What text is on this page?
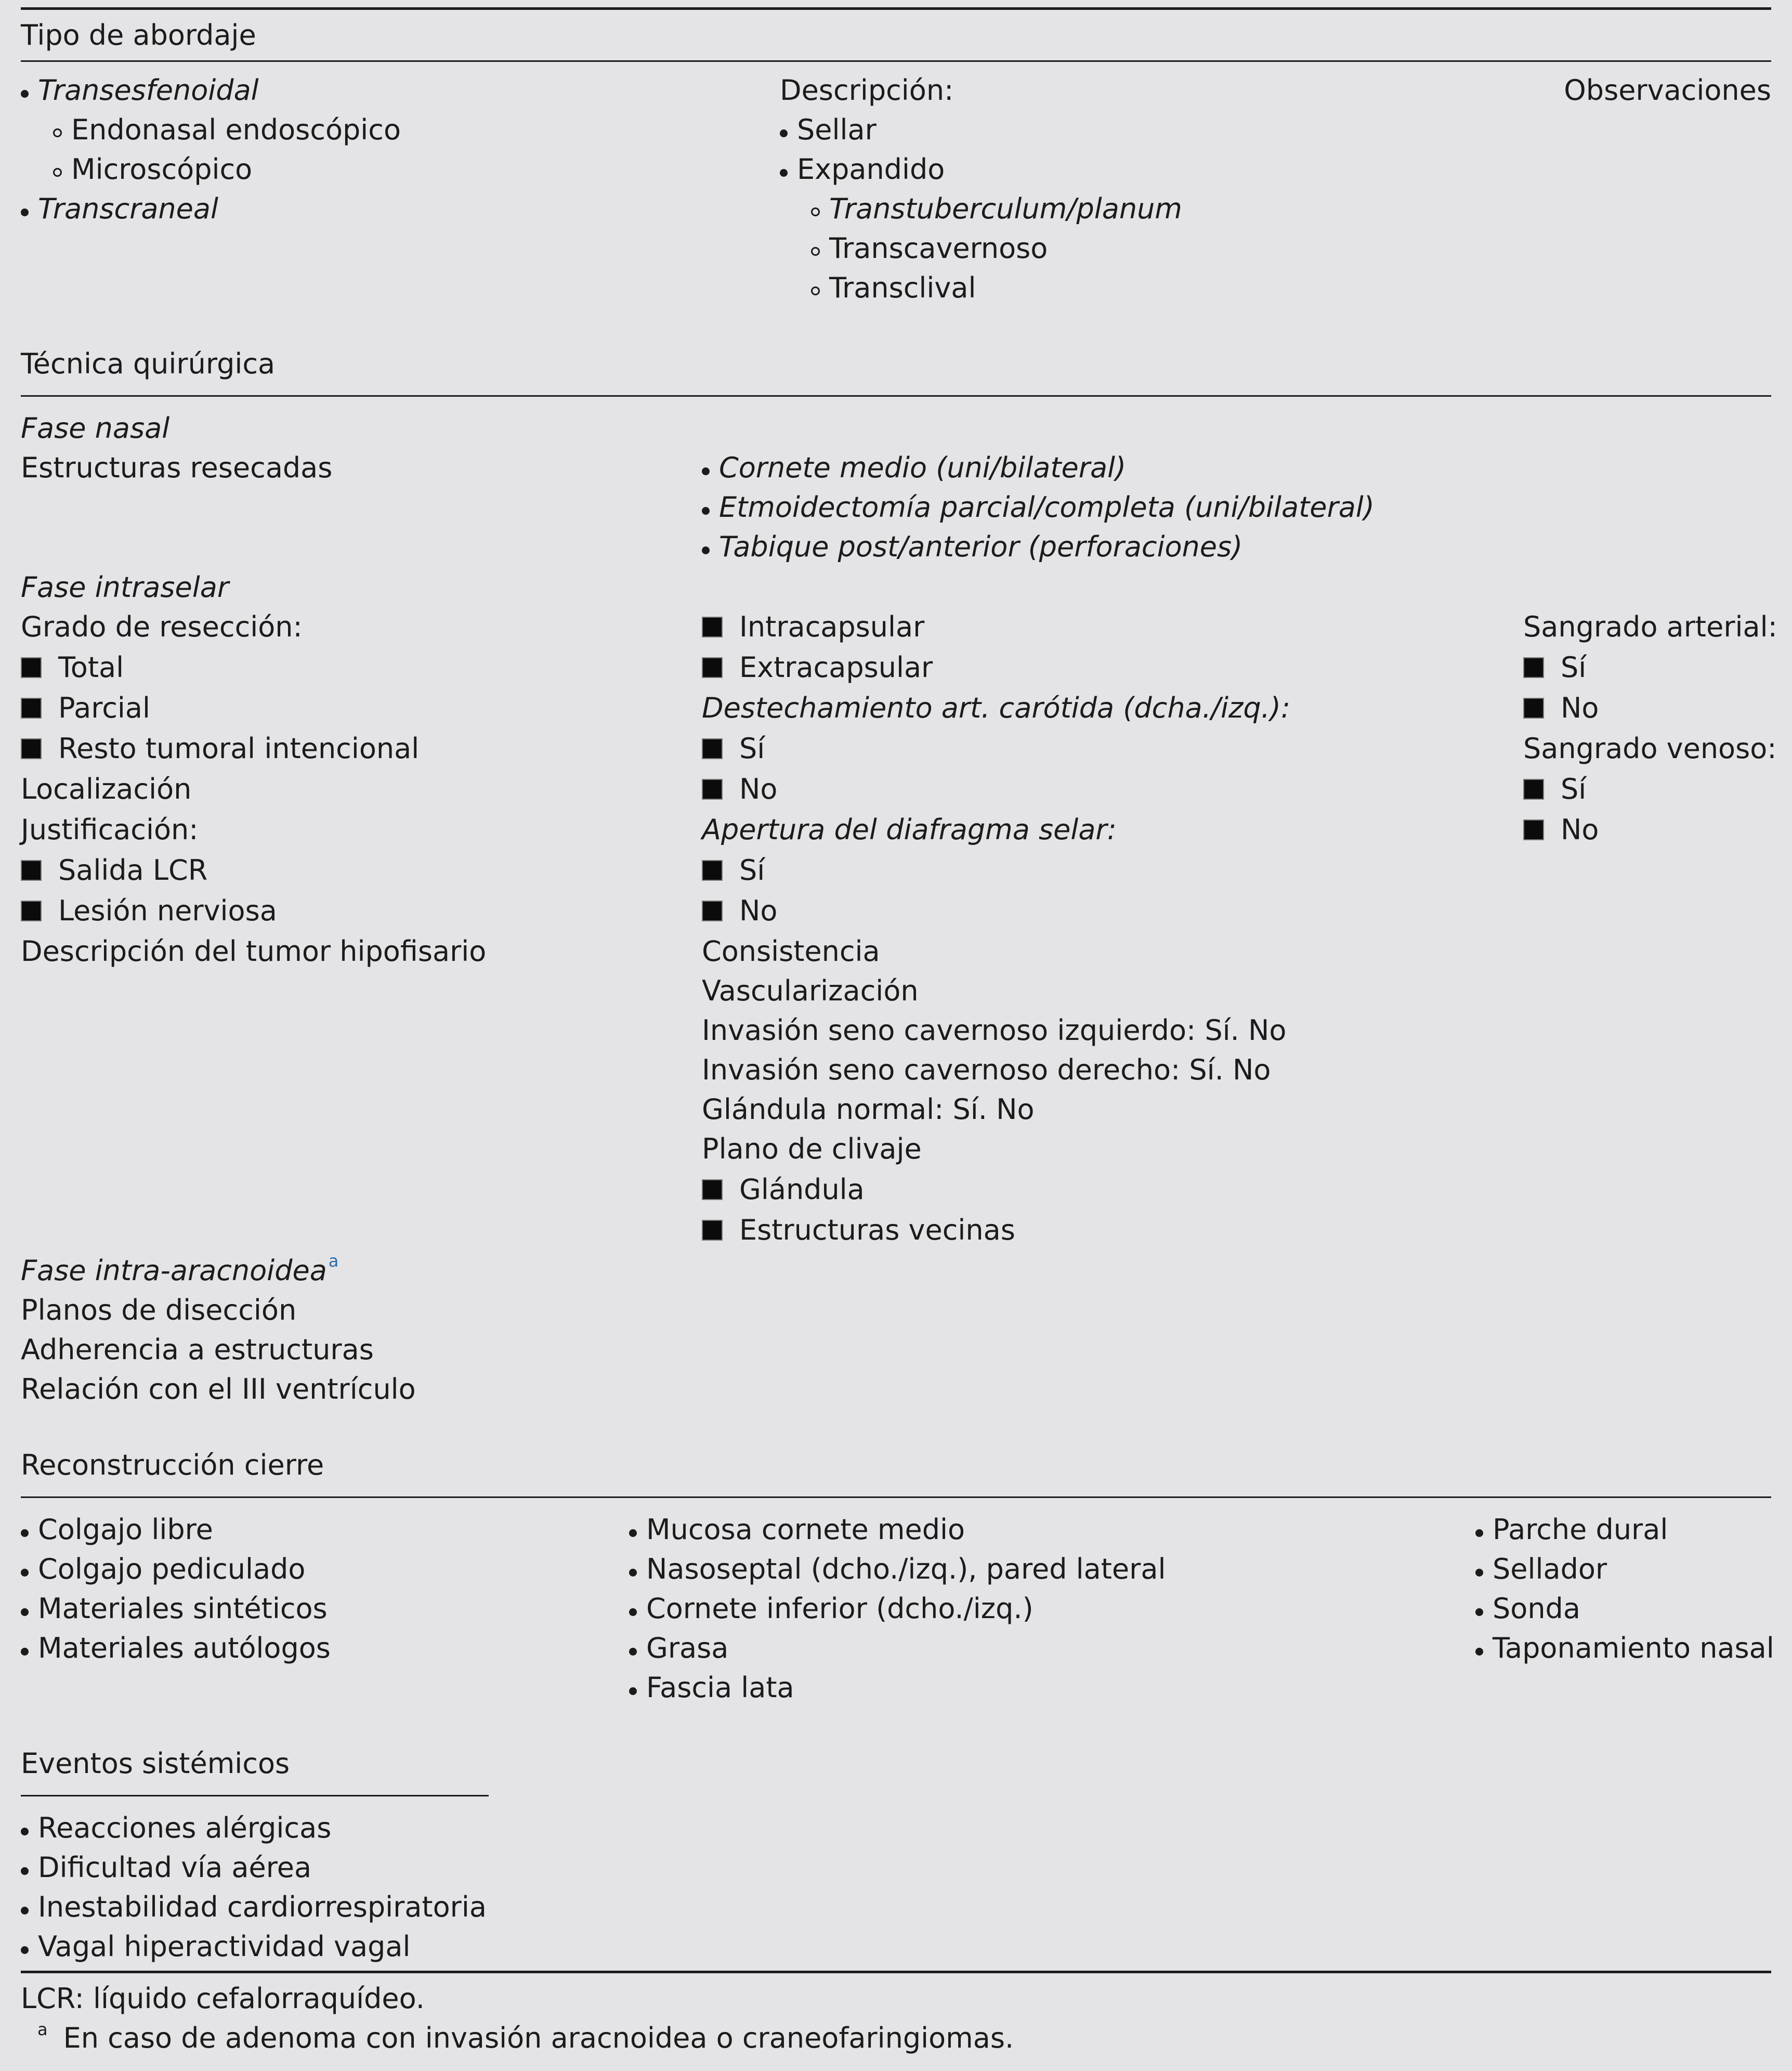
Tipo de abordaje
Transesfenoidal
Endonasal endoscópico
Microscópico
Transcraneal
Descripción:
Sellar
Expandido
Transtuberculum/planum
Transcavernoso
Transclival
Observaciones
Técnica quirúrgica
Fase nasal
Estructuras resecadas	Cornete medio (uni/bilateral)
Etmoidectomía parcial/completa (uni/bilateral)
Tabique post/anterior (perforaciones)
Fase intraselar
Grado de resección:
Total
Parcial
Resto tumoral intencional
Localización
Justificación:
Salida LCR
Lesión nerviosa
Descripción del tumor hipofisario
Intracapsular
Extracapsular
Destechamiento art. carótida (dcha./izq.):
Sí
No
Apertura del diafragma selar:
Sí
No
Consistencia
Vascularización
Invasión seno cavernoso izquierdo: Sí. No
Invasión seno cavernoso derecho: Sí. No
Glándula normal: Sí. No
Plano de clivaje
Glándula
Estructuras vecinas
Sangrado arterial:
Sí
No
Sangrado venoso:
Sí
No
Fase intra-aracnoidea$^a$
Planos de disección
Adherencia a estructuras
Relación con el III ventrículo
Reconstrucción cierre
Colgajo libre
Colgajo pediculado
Materiales sintéticos
Materiales autólogos
Mucosa cornete medio
Nasoseptal (dcho./izq.), pared lateral
Cornete inferior (dcho./izq.)
Grasa
Fascia lata
Parche dural
Sellador
Sonda
Taponamiento nasal
Eventos sistémicos
Reacciones alérgicas
Dificultad vía aérea
Inestabilidad cardiorrespiratoria
Vagal hiperactividad vagal
LCR: líquido cefalorraquídeo.
$^a$ En caso de adenoma con invasión aracnoidea o craneofaringiomas.
